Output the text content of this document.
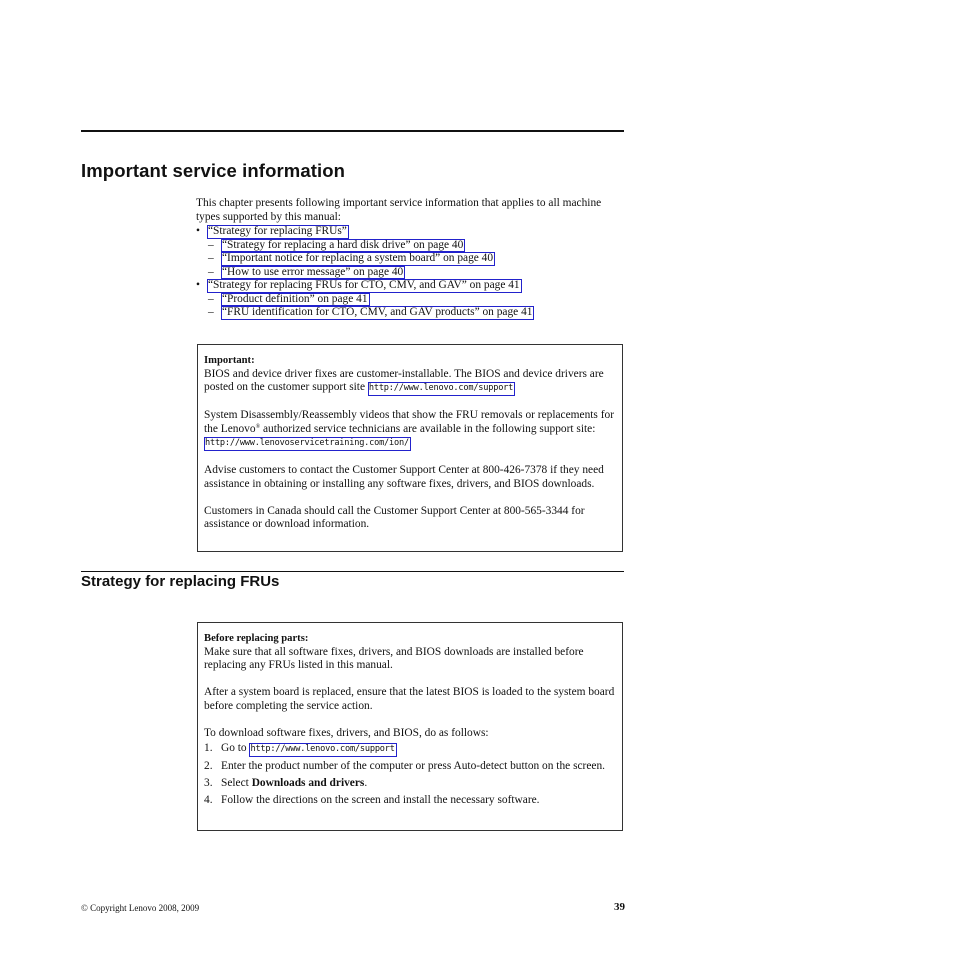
Important service information

This chapter presents following important service information that applies to all machine types supported by this manual:

• “Strategy for replacing FRUs”
– “Strategy for replacing a hard disk drive” on page 40
– “Important notice for replacing a system board” on page 40
– “How to use error message” on page 40
• “Strategy for replacing FRUs for CTO, CMV, and GAV” on page 41
– “Product definition” on page 41
– “FRU identification for CTO, CMV, and GAV products” on page 41
Important:

BIOS and device driver fixes are customer-installable. The BIOS and device drivers are posted on the customer support site http://www.lenovo.com/support

System Disassembly/Reassembly videos that show the FRU removals or replacements for the Lenovo® authorized service technicians are available in the following support site: http://www.lenovoservicetraining.com/ion/

Advise customers to contact the Customer Support Center at 800-426-7378 if they need assistance in obtaining or installing any software fixes, drivers, and BIOS downloads.

Customers in Canada should call the Customer Support Center at 800-565-3344 for assistance or download information.

Strategy for replacing FRUs
Before replacing parts:

Make sure that all software fixes, drivers, and BIOS downloads are installed before replacing any FRUs listed in this manual.

After a system board is replaced, ensure that the latest BIOS is loaded to the system board before completing the service action.

To download software fixes, drivers, and BIOS, do as follows:

1. Go to http://www.lenovo.com/support
2. Enter the product number of the computer or press Auto-detect button on the screen.
3. Select Downloads and drivers.
4. Follow the directions on the screen and install the necessary software.
© Copyright Lenovo 2008, 2009	39
